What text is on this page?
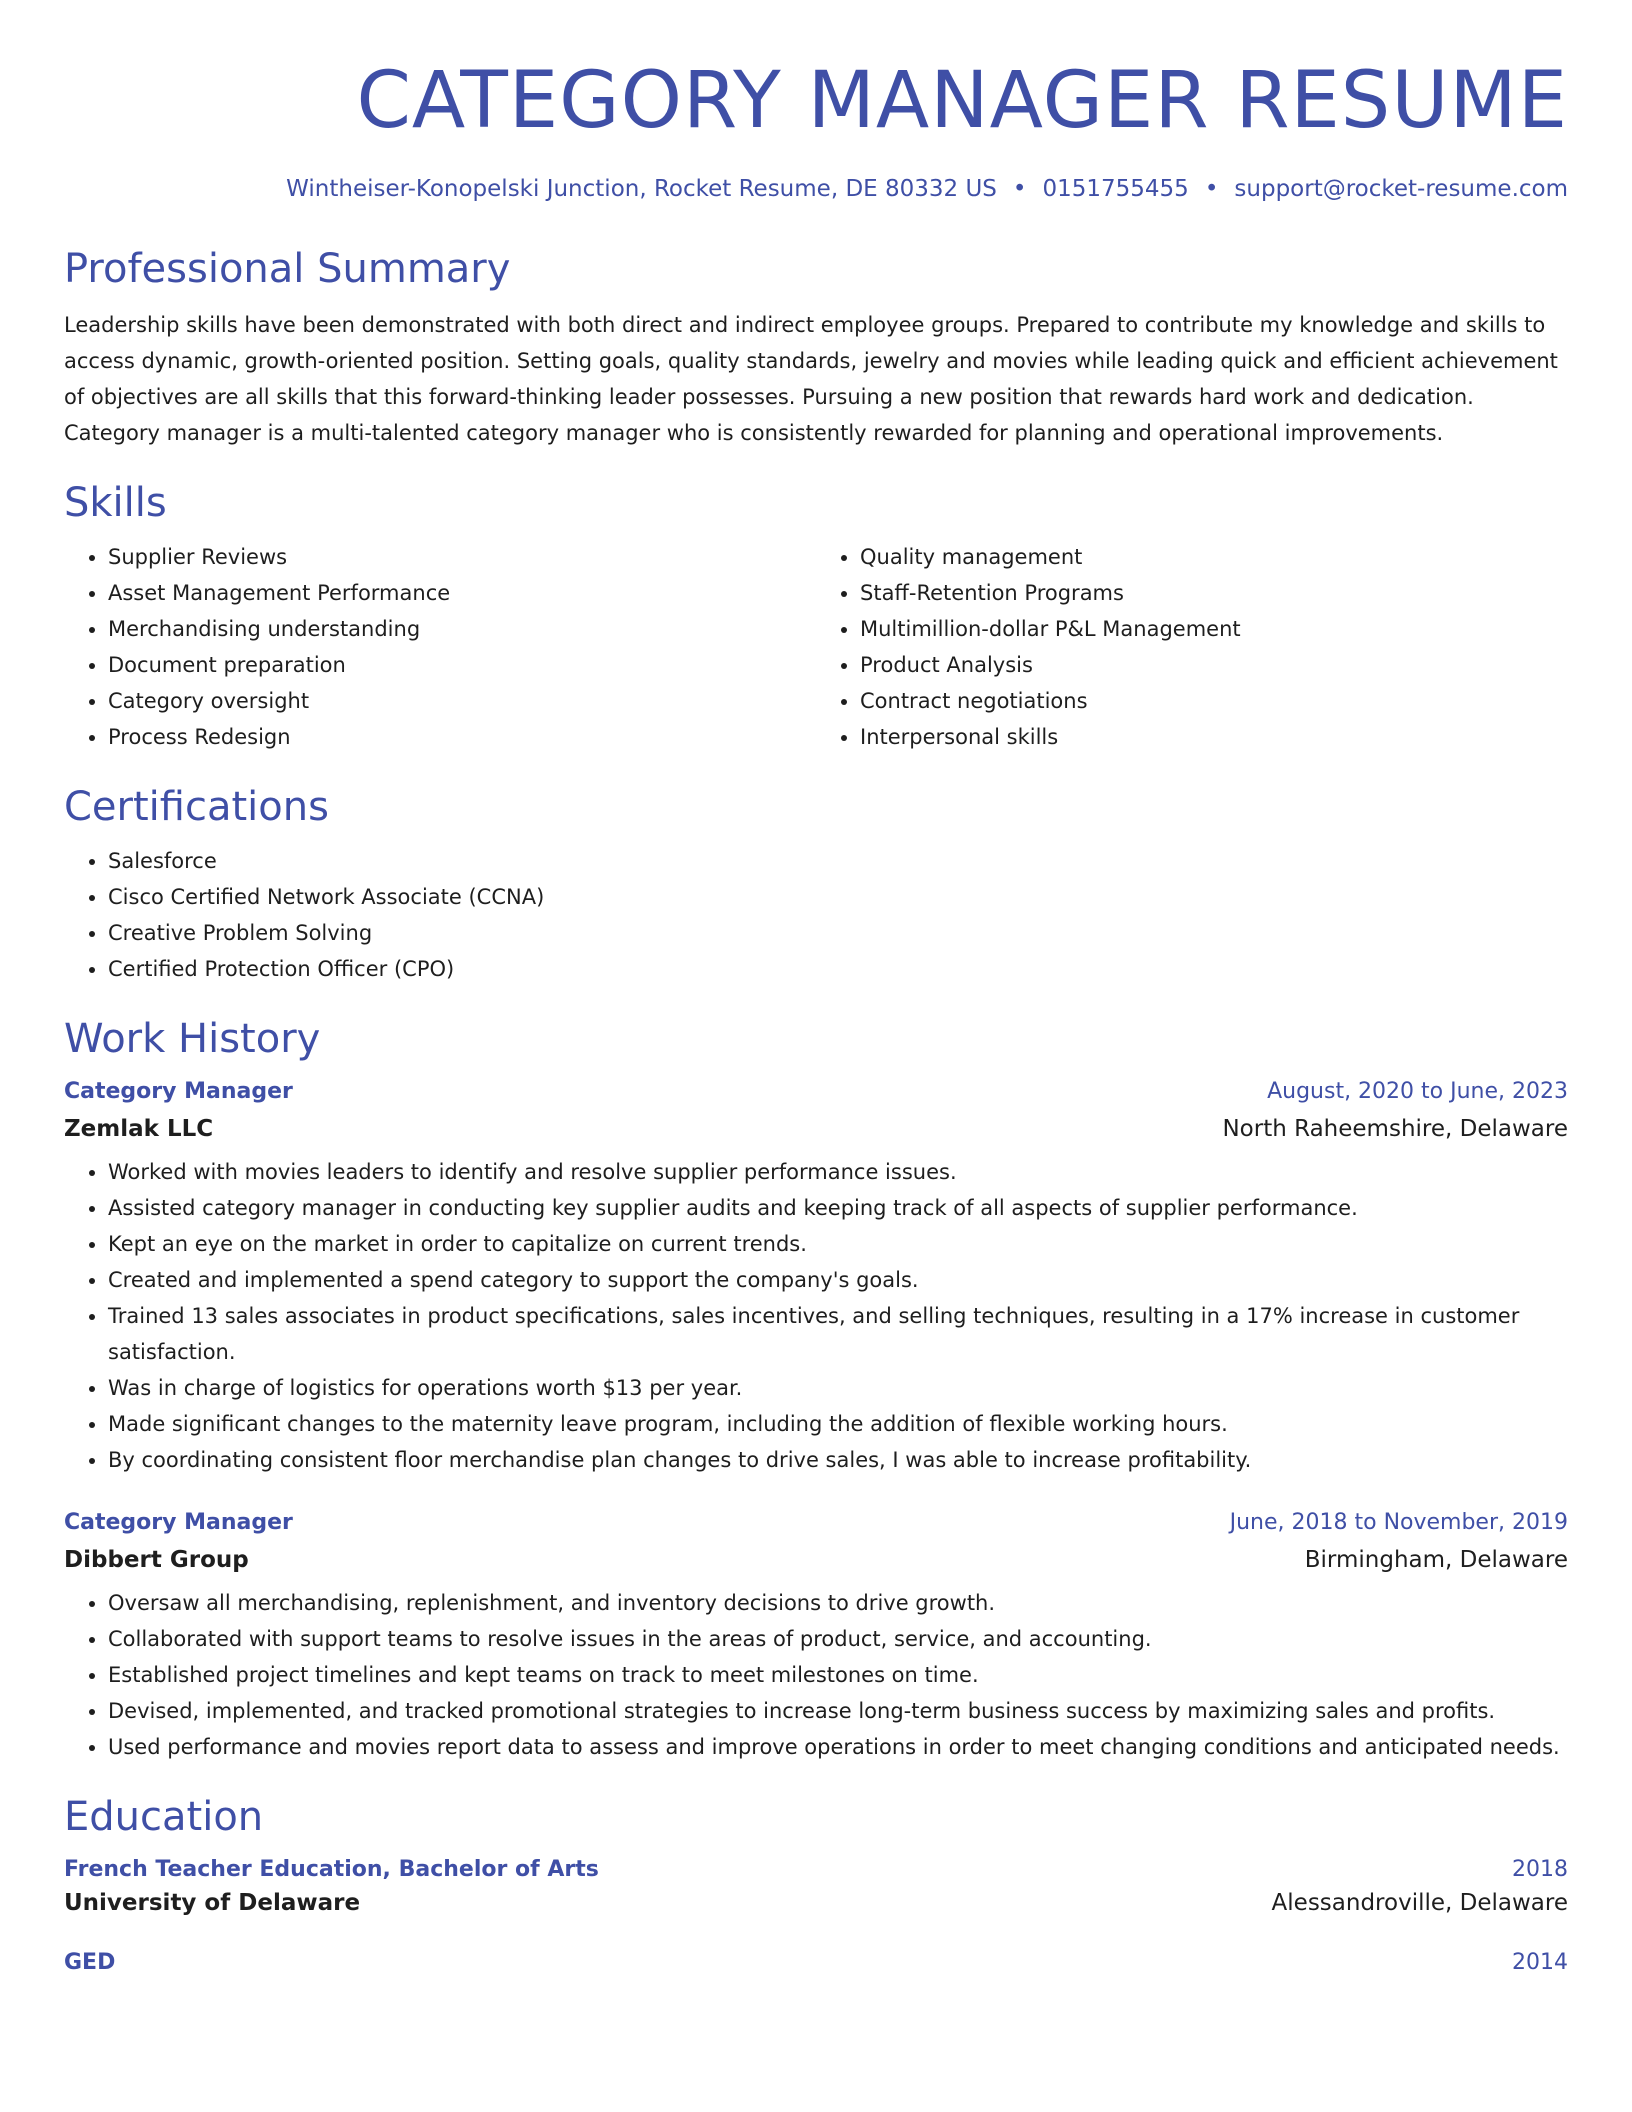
CATEGORY MANAGER RESUME
Wintheiser-Konopelski Junction, Rocket Resume, DE 80332 US • 0151755455 • support@rocket-resume.com
Professional Summary

Leadership skills have been demonstrated with both direct and indirect employee groups. Prepared to contribute my knowledge and skills to access dynamic, growth-oriented position. Setting goals, quality standards, jewelry and movies while leading quick and efficient achievement of objectives are all skills that this forward-thinking leader possesses. Pursuing a new position that rewards hard work and dedication. Category manager is a multi-talented category manager who is consistently rewarded for planning and operational improvements.

Skills
• Supplier Reviews
• Asset Management Performance
• Merchandising understanding
• Document preparation
• Category oversight
• Process Redesign
• Quality management
• Staff-Retention Programs
• Multimillion-dollar P&L Management
• Product Analysis
• Contract negotiations
• Interpersonal skills
Certifications
• Salesforce
• Cisco Certified Network Associate (CCNA)
• Creative Problem Solving
• Certified Protection Officer (CPO)
Work History
Category Manager	August, 2020 to June, 2023
Zemlak LLC	North Raheemshire, Delaware
• Worked with movies leaders to identify and resolve supplier performance issues.
• Assisted category manager in conducting key supplier audits and keeping track of all aspects of supplier performance.
• Kept an eye on the market in order to capitalize on current trends.
• Created and implemented a spend category to support the company's goals.
• Trained 13 sales associates in product specifications, sales incentives, and selling techniques, resulting in a 17% increase in customer satisfaction.
• Was in charge of logistics for operations worth $13 per year.
• Made significant changes to the maternity leave program, including the addition of flexible working hours.
• By coordinating consistent floor merchandise plan changes to drive sales, I was able to increase profitability.
Category Manager	June, 2018 to November, 2019
Dibbert Group	Birmingham, Delaware
• Oversaw all merchandising, replenishment, and inventory decisions to drive growth.
• Collaborated with support teams to resolve issues in the areas of product, service, and accounting.
• Established project timelines and kept teams on track to meet milestones on time.
• Devised, implemented, and tracked promotional strategies to increase long-term business success by maximizing sales and profits.
• Used performance and movies report data to assess and improve operations in order to meet changing conditions and anticipated needs.
Education
French Teacher Education, Bachelor of Arts	2018
University of Delaware	Alessandroville, Delaware
GED	2014
